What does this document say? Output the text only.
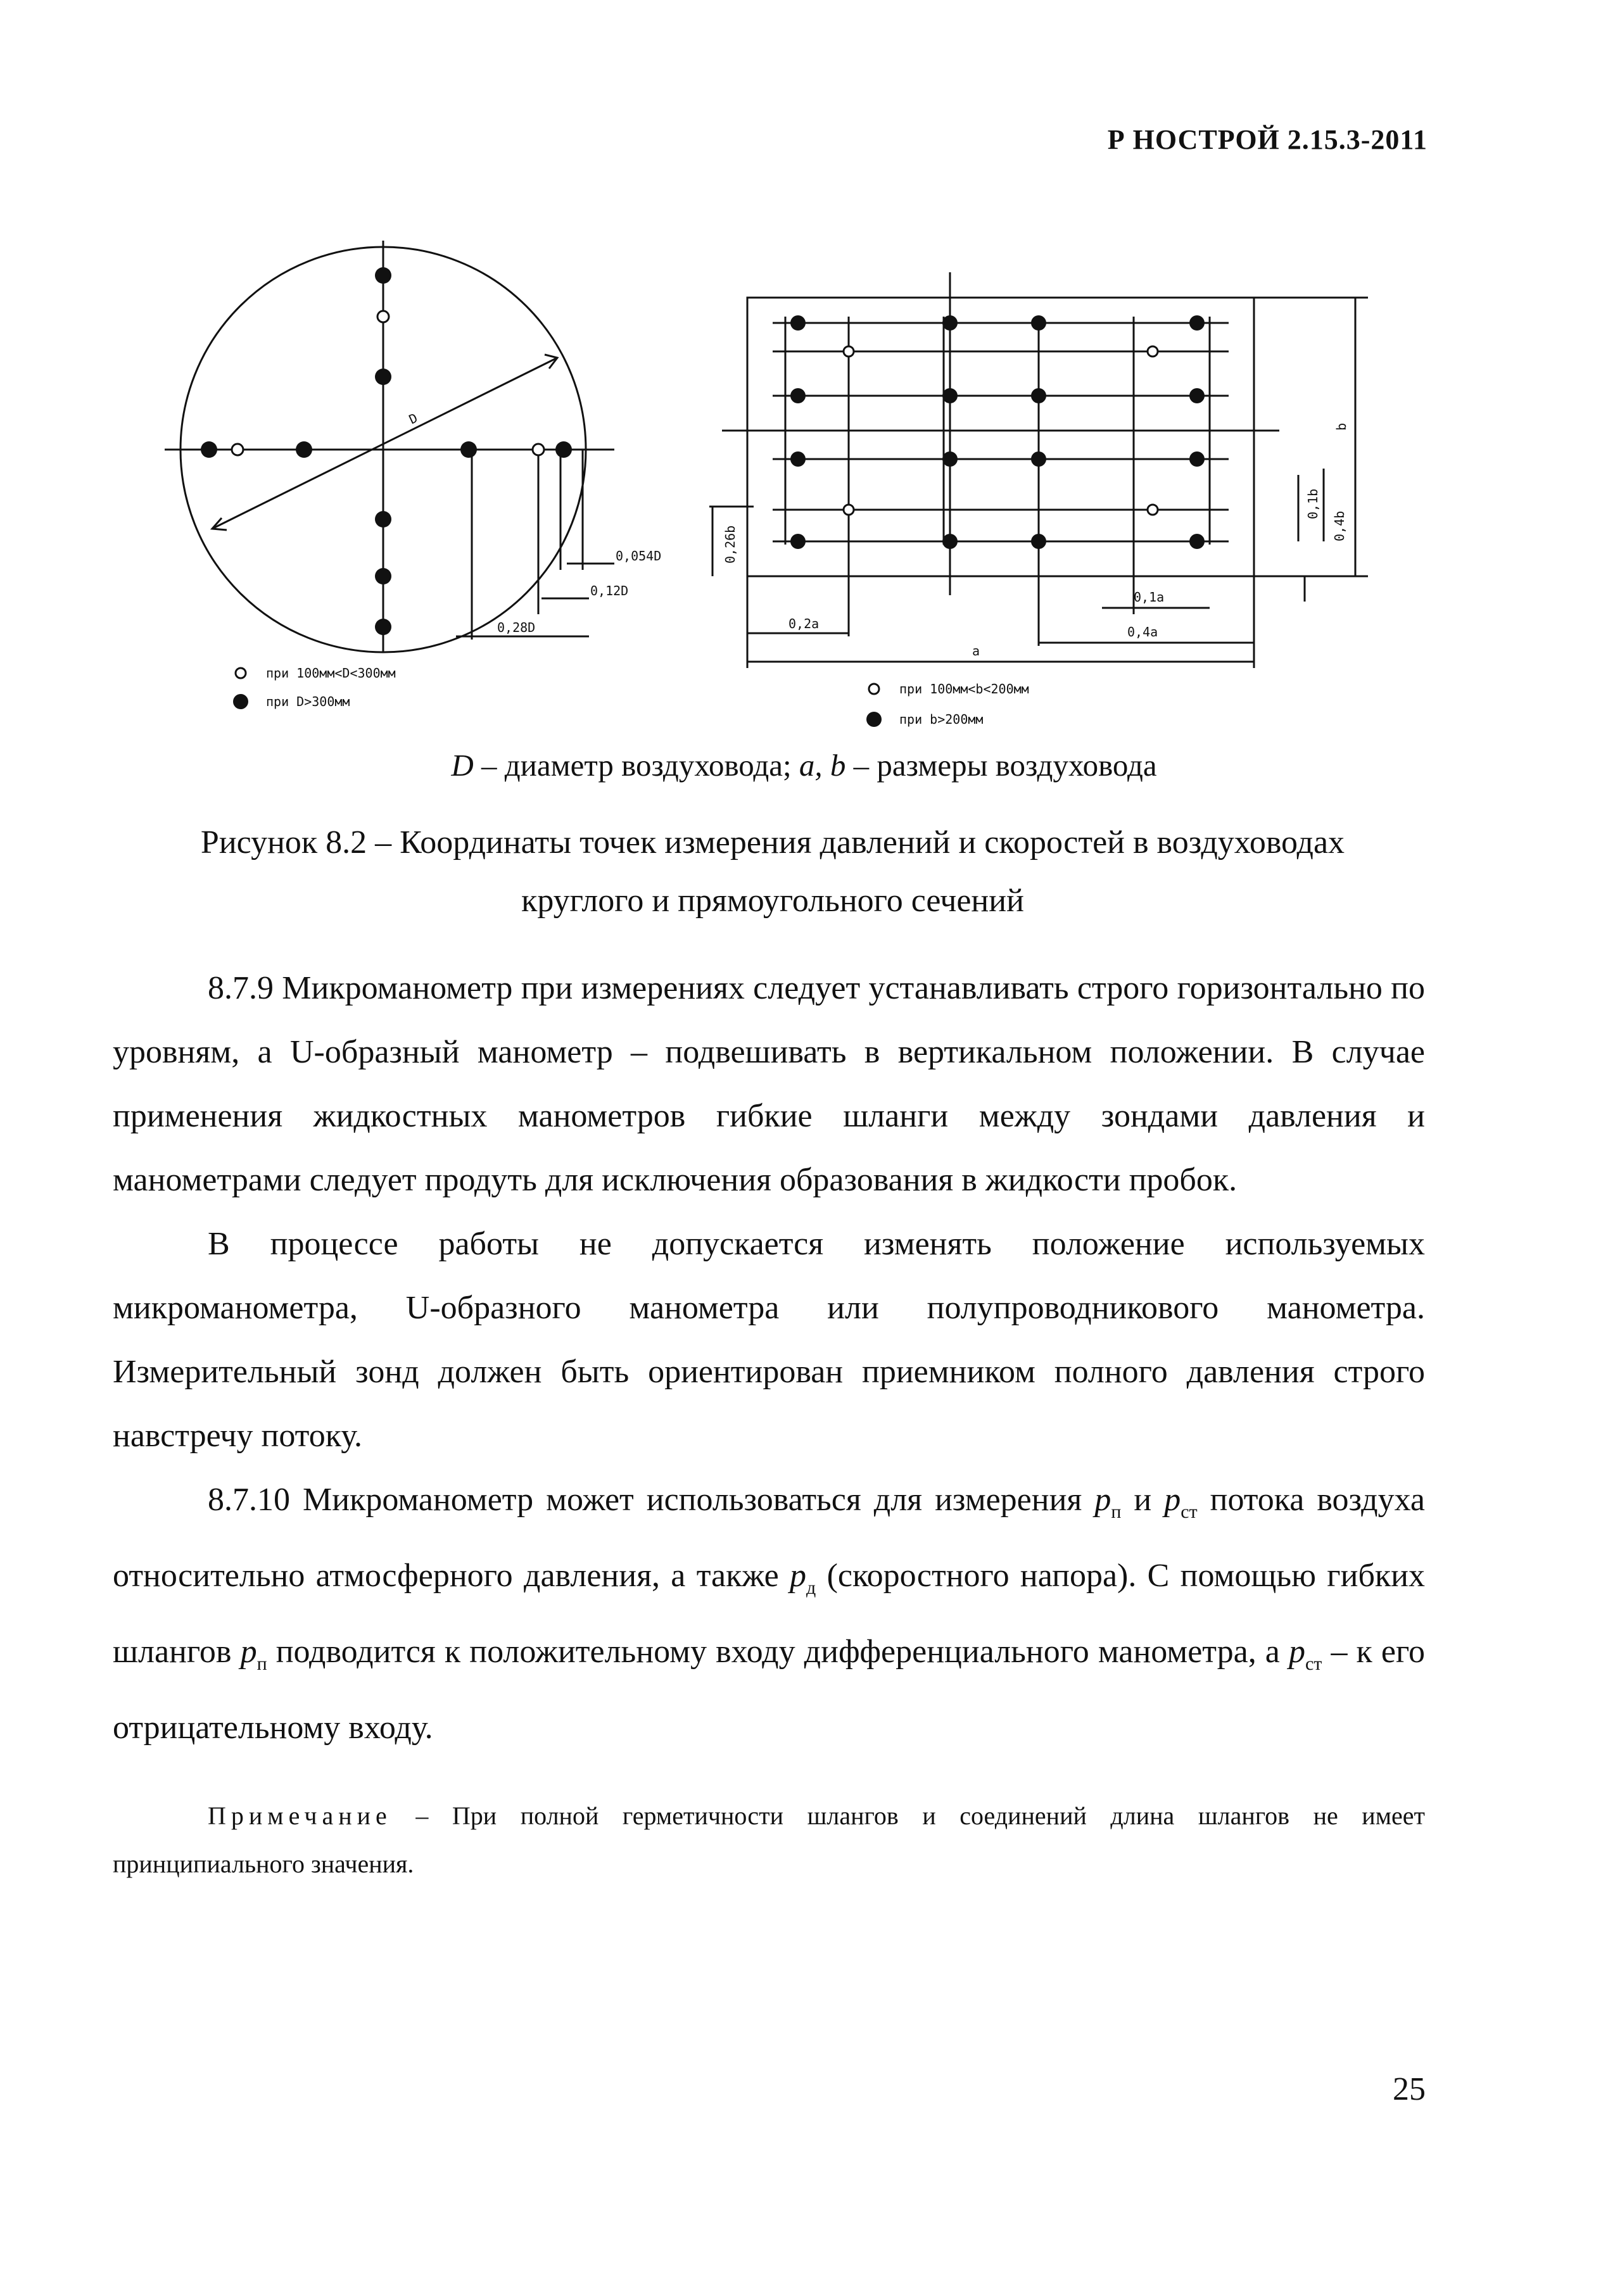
Р НОСТРОЙ 2.15.3-2011
D
0,054D
0,12D
0,28D
при 100мм<D<300мм
при D>300мм
b
0,1b
0,4b
0,26b
0,2a
0,1a
0,4a
a
при 100мм<b<200мм
при b>200мм
D – диаметр воздуховода; a, b – размеры воздуховода
Рисунок 8.2 – Координаты точек измерения давлений и скоростей в воздуховодах
круглого и прямоугольного сечений

8.7.9 Микроманометр при измерениях следует устанавливать строго горизонтально по уровням, а U-образный манометр – подвешивать в вертикальном положении. В случае применения жидкостных манометров гибкие шланги между зондами давления и манометрами следует продуть для исключения образования в жидкости пробок.

В процессе работы не допускается изменять положение используемых микроманометра, U-образного манометра или полупроводникового манометра. Измерительный зонд должен быть ориентирован приемником полного давления строго навстречу потоку.

8.7.10 Микроманометр может использоваться для измерения $p_п$ и $p_{ст}$ потока воздуха относительно атмосферного давления, а также $p_д$ (скоростного напора). С помощью гибких шлангов $p_п$ подводится к положительному входу дифференциального манометра, а $p_{ст}$ – к его отрицательному входу.

Примечание – При полной герметичности шлангов и соединений длина шлангов не имеет принципиального значения.
25
